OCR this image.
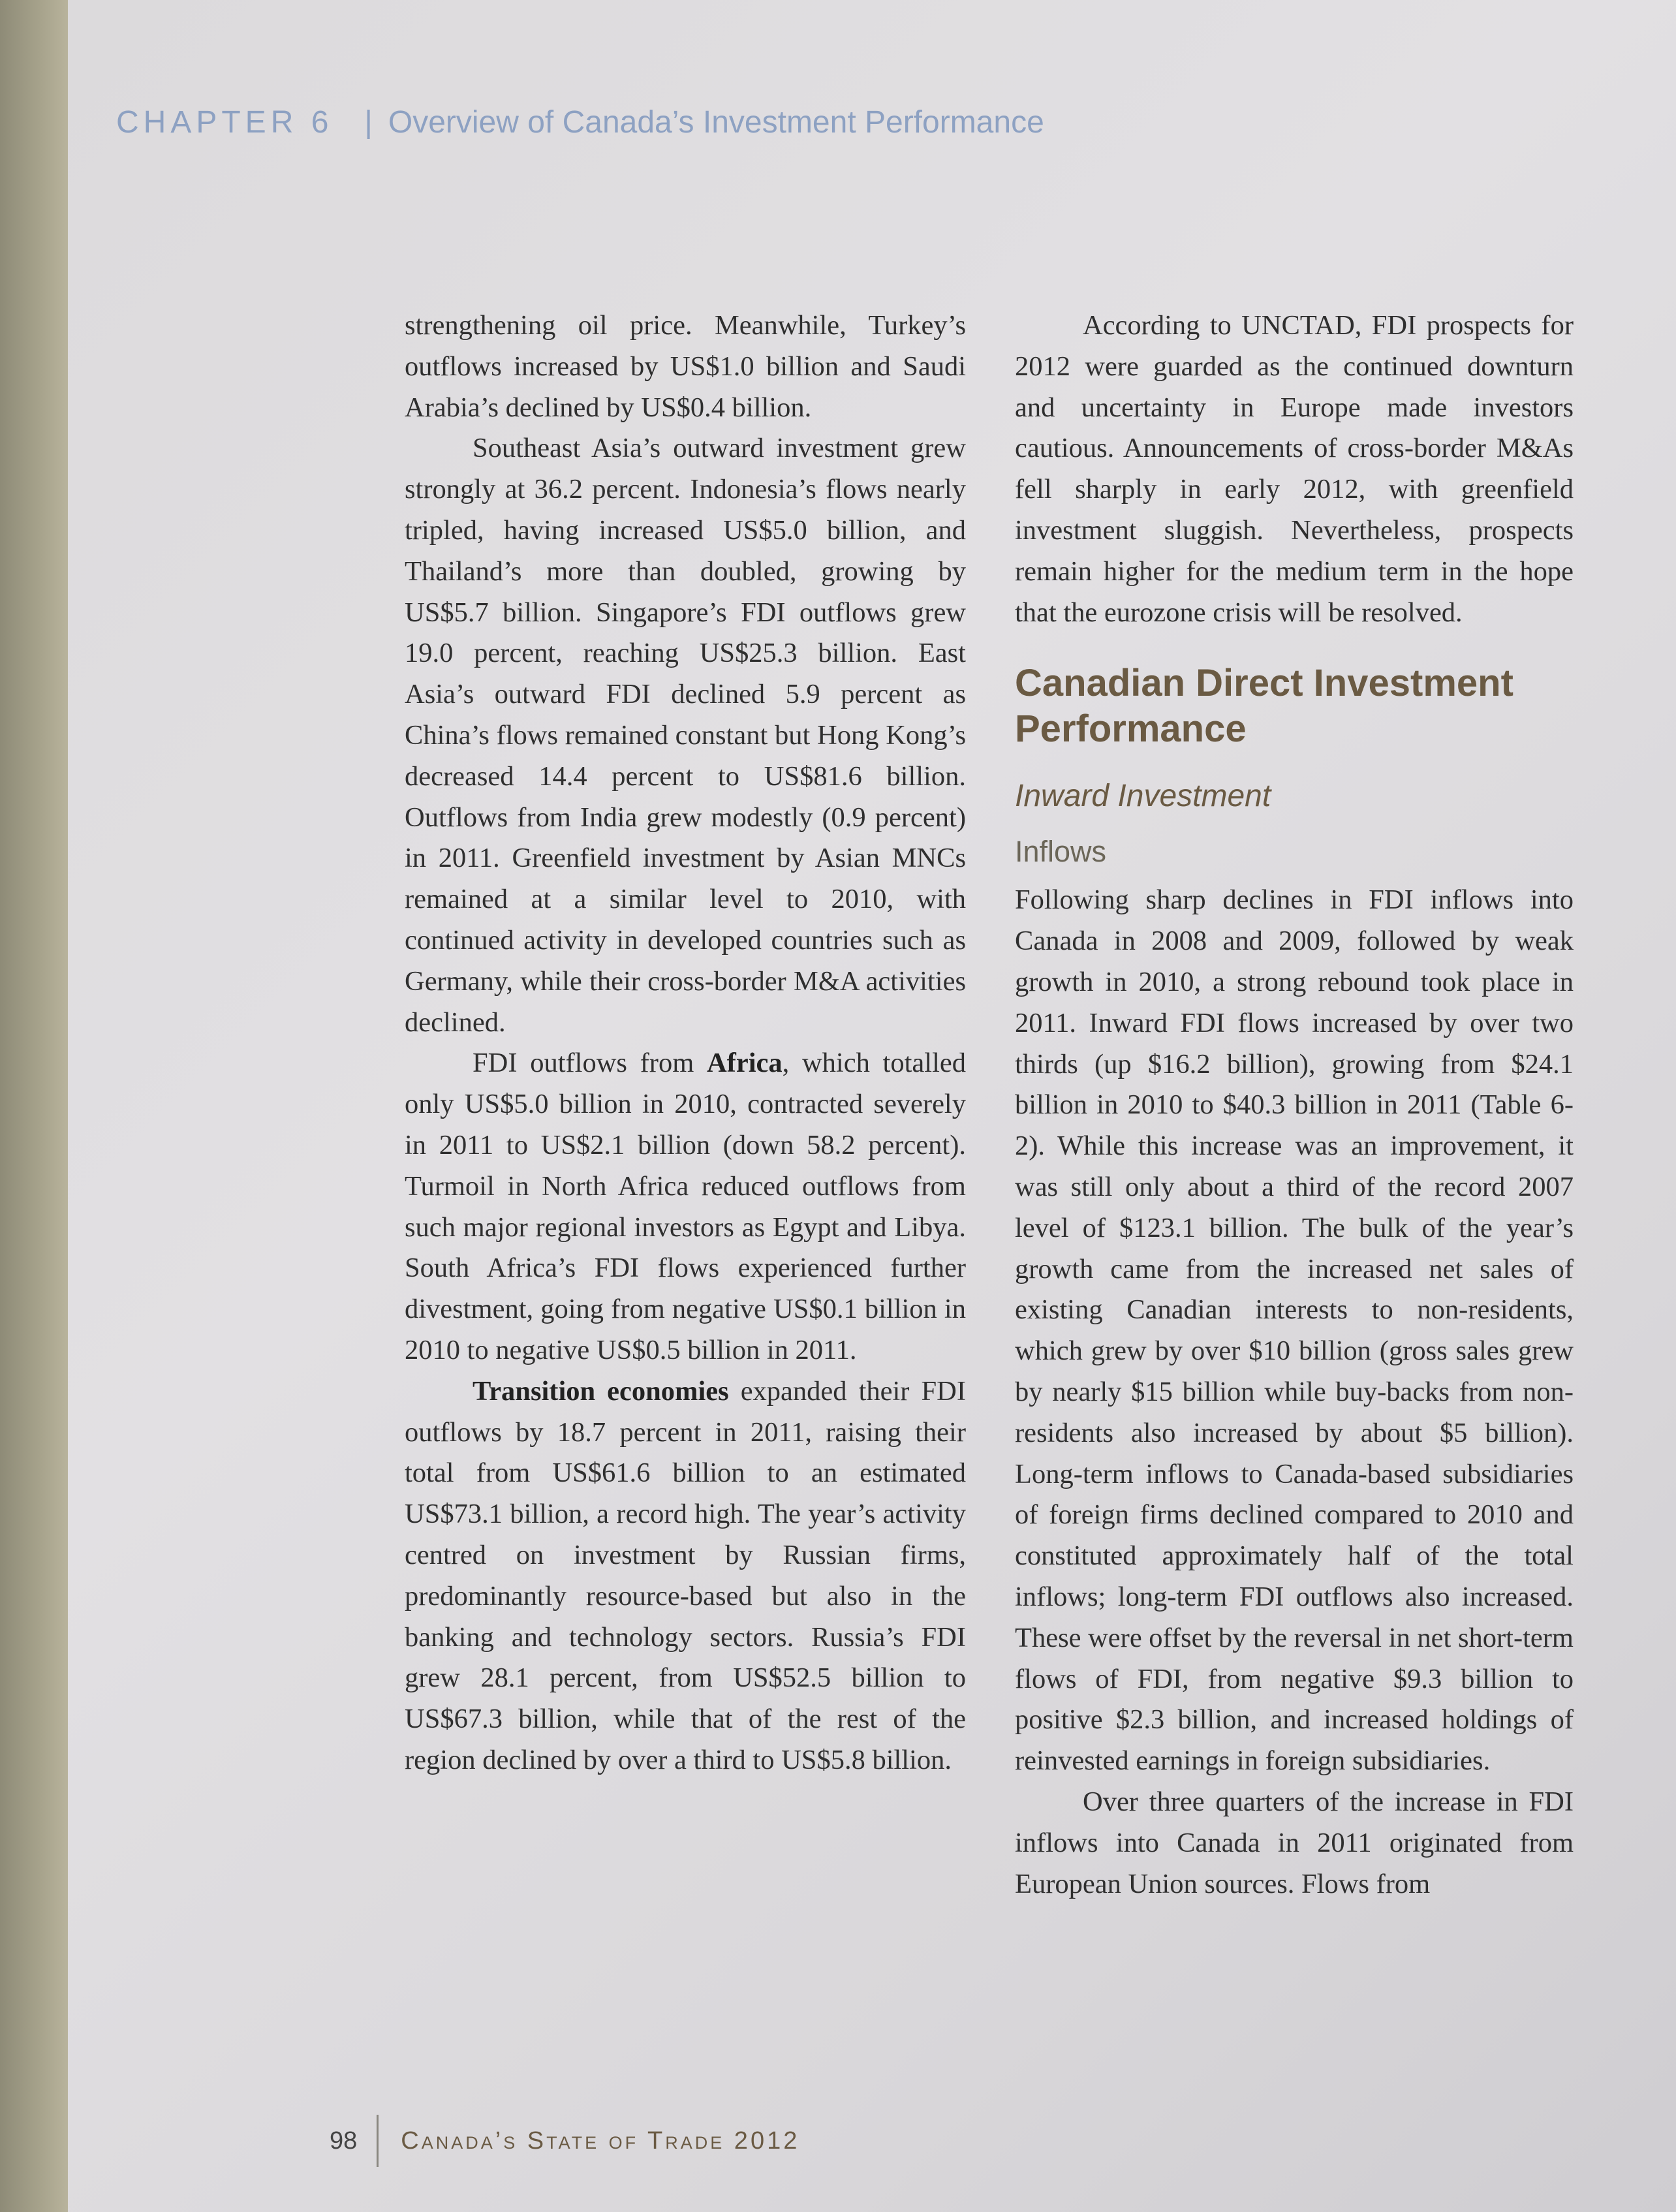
CHAPTER 6 | Overview of Canada’s Investment Performance

strengthening oil price. Meanwhile, Turkey’s outflows increased by US$1.0 billion and Saudi Arabia’s declined by US$0.4 billion.

Southeast Asia’s outward investment grew strongly at 36.2 percent. Indonesia’s flows nearly tripled, having increased US$5.0 billion, and Thailand’s more than doubled, growing by US$5.7 billion. Singapore’s FDI outflows grew 19.0 percent, reaching US$25.3 billion. East Asia’s outward FDI declined 5.9 percent as China’s flows remained constant but Hong Kong’s decreased 14.4 percent to US$81.6 billion. Outflows from India grew modestly (0.9 percent) in 2011. Greenfield investment by Asian MNCs remained at a similar level to 2010, with continued activity in developed countries such as Germany, while their cross-border M&A activities declined.

FDI outflows from Africa, which totalled only US$5.0 billion in 2010, contracted severely in 2011 to US$2.1 billion (down 58.2 percent). Turmoil in North Africa reduced outflows from such major regional investors as Egypt and Libya. South Africa’s FDI flows experienced further divestment, going from negative US$0.1 billion in 2010 to negative US$0.5 billion in 2011.

Transition economies expanded their FDI outflows by 18.7 percent in 2011, raising their total from US$61.6 billion to an estimated US$73.1 billion, a record high. The year’s activity centred on investment by Russian firms, predominantly resource-based but also in the banking and technology sectors. Russia’s FDI grew 28.1 percent, from US$52.5 billion to US$67.3 billion, while that of the rest of the region declined by over a third to US$5.8 billion.

According to UNCTAD, FDI prospects for 2012 were guarded as the continued downturn and uncertainty in Europe made investors cautious. Announcements of cross-border M&As fell sharply in early 2012, with greenfield investment sluggish. Nevertheless, prospects remain higher for the medium term in the hope that the eurozone crisis will be resolved.

Canadian Direct Investment Performance
Inward Investment
Inflows

Following sharp declines in FDI inflows into Canada in 2008 and 2009, followed by weak growth in 2010, a strong rebound took place in 2011. Inward FDI flows increased by over two thirds (up $16.2 billion), growing from $24.1 billion in 2010 to $40.3 billion in 2011 (Table 6-2). While this increase was an improvement, it was still only about a third of the record 2007 level of $123.1 billion. The bulk of the year’s growth came from the increased net sales of existing Canadian interests to non-residents, which grew by over $10 billion (gross sales grew by nearly $15 billion while buy-backs from non-residents also increased by about $5 billion). Long-term inflows to Canada-based subsidiaries of foreign firms declined compared to 2010 and constituted approximately half of the total inflows; long-term FDI outflows also increased. These were offset by the reversal in net short-term flows of FDI, from negative $9.3 billion to positive $2.3 billion, and increased holdings of reinvested earnings in foreign subsidiaries.

Over three quarters of the increase in FDI inflows into Canada in 2011 originated from European Union sources. Flows from

98 Canada’s State of Trade 2012
